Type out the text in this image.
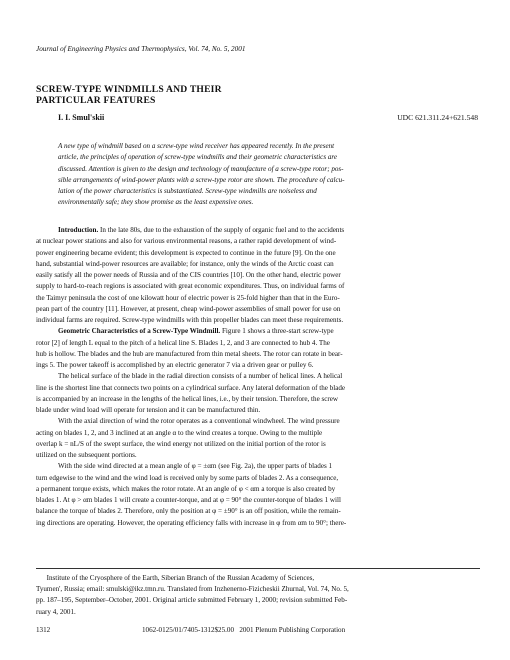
Journal of Engineering Physics and Thermophysics, Vol. 74, No. 5, 2001
SCREW-TYPE WINDMILLS AND THEIR
PARTICULAR FEATURES
I. I. Smul'skii	UDC 621.311.24+621.548
A new type of windmill based on a screw-type wind receiver has appeared recently. In the present
article, the principles of operation of screw-type windmills and their geometric characteristics are
discussed. Attention is given to the design and technology of manufacture of a screw-type rotor; pos-
sible arrangements of wind-power plants with a screw-type rotor are shown. The procedure of calcu-
lation of the power characteristics is substantiated. Screw-type windmills are noiseless and
environmentally safe; they show promise as the least expensive ones.
Introduction. In the late 80s, due to the exhaustion of the supply of organic fuel and to the accidents
at nuclear power stations and also for various environmental reasons, a rather rapid development of wind-
power engineering became evident; this development is expected to continue in the future [9]. On the one
hand, substantial wind-power resources are available; for instance, only the winds of the Arctic coast can
easily satisfy all the power needs of Russia and of the CIS countries [10]. On the other hand, electric power
supply to hard-to-reach regions is associated with great economic expenditures. Thus, on individual farms of
the Taimyr peninsula the cost of one kilowatt hour of electric power is 25-fold higher than that in the Euro-
pean part of the country [11]. However, at present, cheap wind-power assemblies of small power for use on
individual farms are required. Screw-type windmills with thin propeller blades can meet these requirements.
Geometric Characteristics of a Screw-Type Windmill. Figure 1 shows a three-start screw-type
rotor [2] of length L equal to the pitch of a helical line S. Blades 1, 2, and 3 are connected to hub 4. The
hub is hollow. The blades and the hub are manufactured from thin metal sheets. The rotor can rotate in bear-
ings 5. The power takeoff is accomplished by an electric generator 7 via a driven gear or pulley 6.
The helical surface of the blade in the radial direction consists of a number of helical lines. A helical
line is the shortest line that connects two points on a cylindrical surface. Any lateral deformation of the blade
is accompanied by an increase in the lengths of the helical lines, i.e., by their tension. Therefore, the screw
blade under wind load will operate for tension and it can be manufactured thin.
With the axial direction of wind the rotor operates as a conventional windwheel. The wind pressure
acting on blades 1, 2, and 3 inclined at an angle α to the wind creates a torque. Owing to the multiple
overlap k = nL/S of the swept surface, the wind energy not utilized on the initial portion of the rotor is
utilized on the subsequent portions.
With the side wind directed at a mean angle of φ = ±αm (see Fig. 2a), the upper parts of blades 1
turn edgewise to the wind and the wind load is received only by some parts of blades 2. As a consequence,
a permanent torque exists, which makes the rotor rotate. At an angle of φ < αm a torque is also created by
blades 1. At φ > αm blades 1 will create a counter-torque, and at φ = 90° the counter-torque of blades 1 will
balance the torque of blades 2. Therefore, only the position at φ = ±90° is an off position, while the remain-
ing directions are operating. However, the operating efficiency falls with increase in φ from αm to 90°; there-
Institute of the Cryosphere of the Earth, Siberian Branch of the Russian Academy of Sciences,
Tyumen', Russia; email: smulski@ikz.tmn.ru. Translated from Inzhenerno-Fizicheskii Zhurnal, Vol. 74, No. 5,
pp. 187–195, September–October, 2001. Original article submitted February 1, 2000; revision submitted Feb-
ruary 4, 2001.
1312	1062-0125/01/7405-1312$25.00   2001 Plenum Publishing Corporation
